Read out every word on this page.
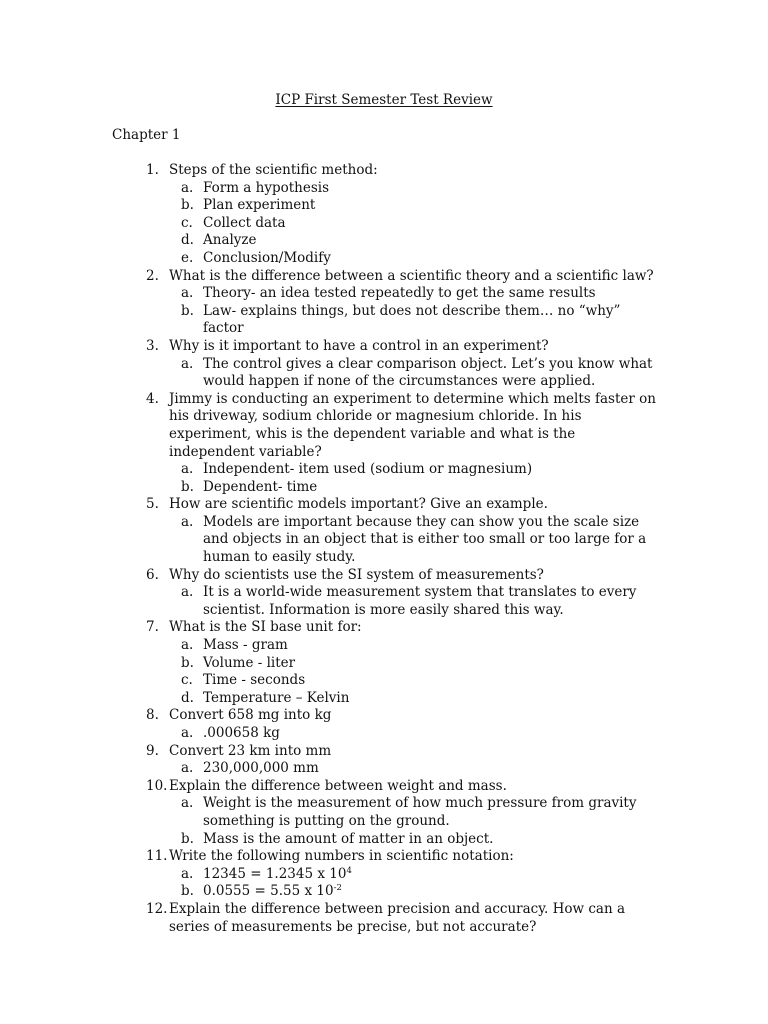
ICP First Semester Test Review
Chapter 1
1. Steps of the scientific method:
a. Form a hypothesis
b. Plan experiment
c. Collect data
d. Analyze
e. Conclusion/Modify
2. What is the difference between a scientific theory and a scientific law?
a. Theory- an idea tested repeatedly to get the same results
b. Law- explains things, but does not describe them… no “why” factor
3. Why is it important to have a control in an experiment?
a. The control gives a clear comparison object. Let’s you know what would happen if none of the circumstances were applied.
4. Jimmy is conducting an experiment to determine which melts faster on his driveway, sodium chloride or magnesium chloride. In his experiment, whis is the dependent variable and what is the independent variable?
a. Independent- item used (sodium or magnesium)
b. Dependent- time
5. How are scientific models important? Give an example.
a. Models are important because they can show you the scale size and objects in an object that is either too small or too large for a human to easily study.
6. Why do scientists use the SI system of measurements?
a. It is a world-wide measurement system that translates to every scientist. Information is more easily shared this way.
7. What is the SI base unit for:
a. Mass - gram
b. Volume - liter
c. Time - seconds
d. Temperature – Kelvin
8. Convert 658 mg into kg
a. .000658 kg
9. Convert 23 km into mm
a. 230,000,000 mm
10. Explain the difference between weight and mass.
a. Weight is the measurement of how much pressure from gravity something is putting on the ground.
b. Mass is the amount of matter in an object.
11. Write the following numbers in scientific notation:
a. 12345 = 1.2345 x $10^4$
b. 0.0555 = 5.55 x $10^{-2}$
12. Explain the difference between precision and accuracy. How can a series of measurements be precise, but not accurate?
